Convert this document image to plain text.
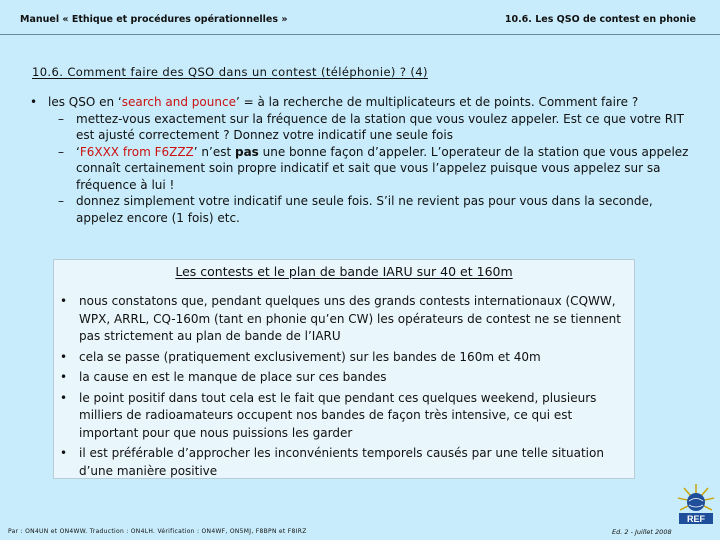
Manuel « Ethique et procédures opérationnelles »	10.6. Les QSO de contest en phonie
10.6. Comment faire des QSO dans un contest (téléphonie) ? (4)
• les QSO en ‘search and pounce’ = à la recherche de multiplicateurs et de points. Comment faire ?
– mettez-vous exactement sur la fréquence de la station que vous voulez appeler. Est ce que votre RIT est ajusté correctement ? Donnez votre indicatif une seule fois
– ‘F6XXX from F6ZZZ’ n’est pas une bonne façon d’appeler. L’operateur de la station que vous appelez connaît certainement soin propre indicatif et sait que vous l’appelez puisque vous appelez sur sa fréquence à lui !
– donnez simplement votre indicatif une seule fois. S’il ne revient pas pour vous dans la seconde, appelez encore (1 fois) etc.
Les contests et le plan de bande IARU sur 40 et 160m
• nous constatons que, pendant quelques uns des grands contests internationaux (CQWW, WPX, ARRL, CQ-160m (tant en phonie qu’en CW) les opérateurs de contest ne se tiennent pas strictement au plan de bande de l’IARU
• cela se passe (pratiquement exclusivement) sur les bandes de 160m et 40m
• la cause en est le manque de place sur ces bandes
• le point positif dans tout cela est le fait que pendant ces quelques weekend, plusieurs milliers de radioamateurs occupent nos bandes de façon très intensive, ce qui est important pour que nous puissions les garder
• il est préférable d’approcher les inconvénients temporels causés par une telle situation d’une manière positive
Par : ON4UN et ON4WW. Traduction : ON4LH. Vérification : ON4WF, ON5MJ, F8BPN et F8IRZ	Ed. 2 - Juillet 2008
REF
